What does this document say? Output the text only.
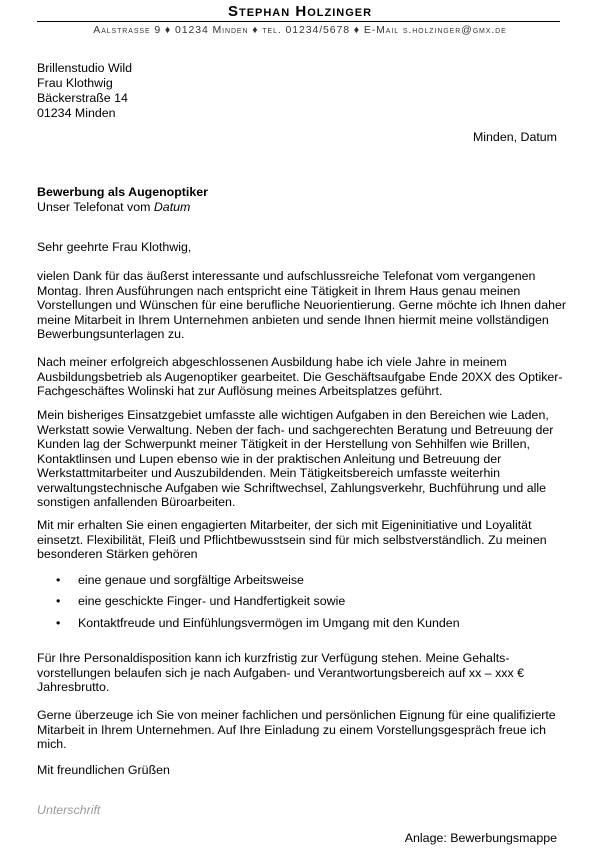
Stephan Holzinger
Aalstrasse 9 ♦ 01234 Minden ♦ tel. 01234/5678 ♦ E-Mail s.holzinger@gmx.de
Brillenstudio Wild
Frau Klothwig
Bäckerstraße 14
01234 Minden
Minden, Datum
Bewerbung als Augenoptiker
Unser Telefonat vom Datum
Sehr geehrte Frau Klothwig,
vielen Dank für das äußerst interessante und aufschlussreiche Telefonat vom vergangenen
Montag. Ihren Ausführungen nach entspricht eine Tätigkeit in Ihrem Haus genau meinen
Vorstellungen und Wünschen für eine berufliche Neuorientierung. Gerne möchte ich Ihnen daher
meine Mitarbeit in Ihrem Unternehmen anbieten und sende Ihnen hiermit meine vollständigen
Bewerbungsunterlagen zu.
Nach meiner erfolgreich abgeschlossenen Ausbildung habe ich viele Jahre in meinem
Ausbildungsbetrieb als Augenoptiker gearbeitet. Die Geschäftsaufgabe Ende 20XX des Optiker-
Fachgeschäftes Wolinski hat zur Auflösung meines Arbeitsplatzes geführt.
Mein bisheriges Einsatzgebiet umfasste alle wichtigen Aufgaben in den Bereichen wie Laden,
Werkstatt sowie Verwaltung. Neben der fach- und sachgerechten Beratung und Betreuung der
Kunden lag der Schwerpunkt meiner Tätigkeit in der Herstellung von Sehhilfen wie Brillen,
Kontaktlinsen und Lupen ebenso wie in der praktischen Anleitung und Betreuung der
Werkstattmitarbeiter und Auszubildenden. Mein Tätigkeitsbereich umfasste weiterhin
verwaltungstechnische Aufgaben wie Schriftwechsel, Zahlungsverkehr, Buchführung und alle
sonstigen anfallenden Büroarbeiten.
Mit mir erhalten Sie einen engagierten Mitarbeiter, der sich mit Eigeninitiative und Loyalität
einsetzt. Flexibilität, Fleiß und Pflichtbewusstsein sind für mich selbstverständlich. Zu meinen
besonderen Stärken gehören
• eine genaue und sorgfältige Arbeitsweise
• eine geschickte Finger- und Handfertigkeit sowie
• Kontaktfreude und Einfühlungsvermögen im Umgang mit den Kunden
Für Ihre Personaldisposition kann ich kurzfristig zur Verfügung stehen. Meine Gehalts-
vorstellungen belaufen sich je nach Aufgaben- und Verantwortungsbereich auf xx – xxx €
Jahresbrutto.
Gerne überzeuge ich Sie von meiner fachlichen und persönlichen Eignung für eine qualifizierte
Mitarbeit in Ihrem Unternehmen. Auf Ihre Einladung zu einem Vorstellungsgespräch freue ich
mich.
Mit freundlichen Grüßen
Unterschrift
Anlage: Bewerbungsmappe
